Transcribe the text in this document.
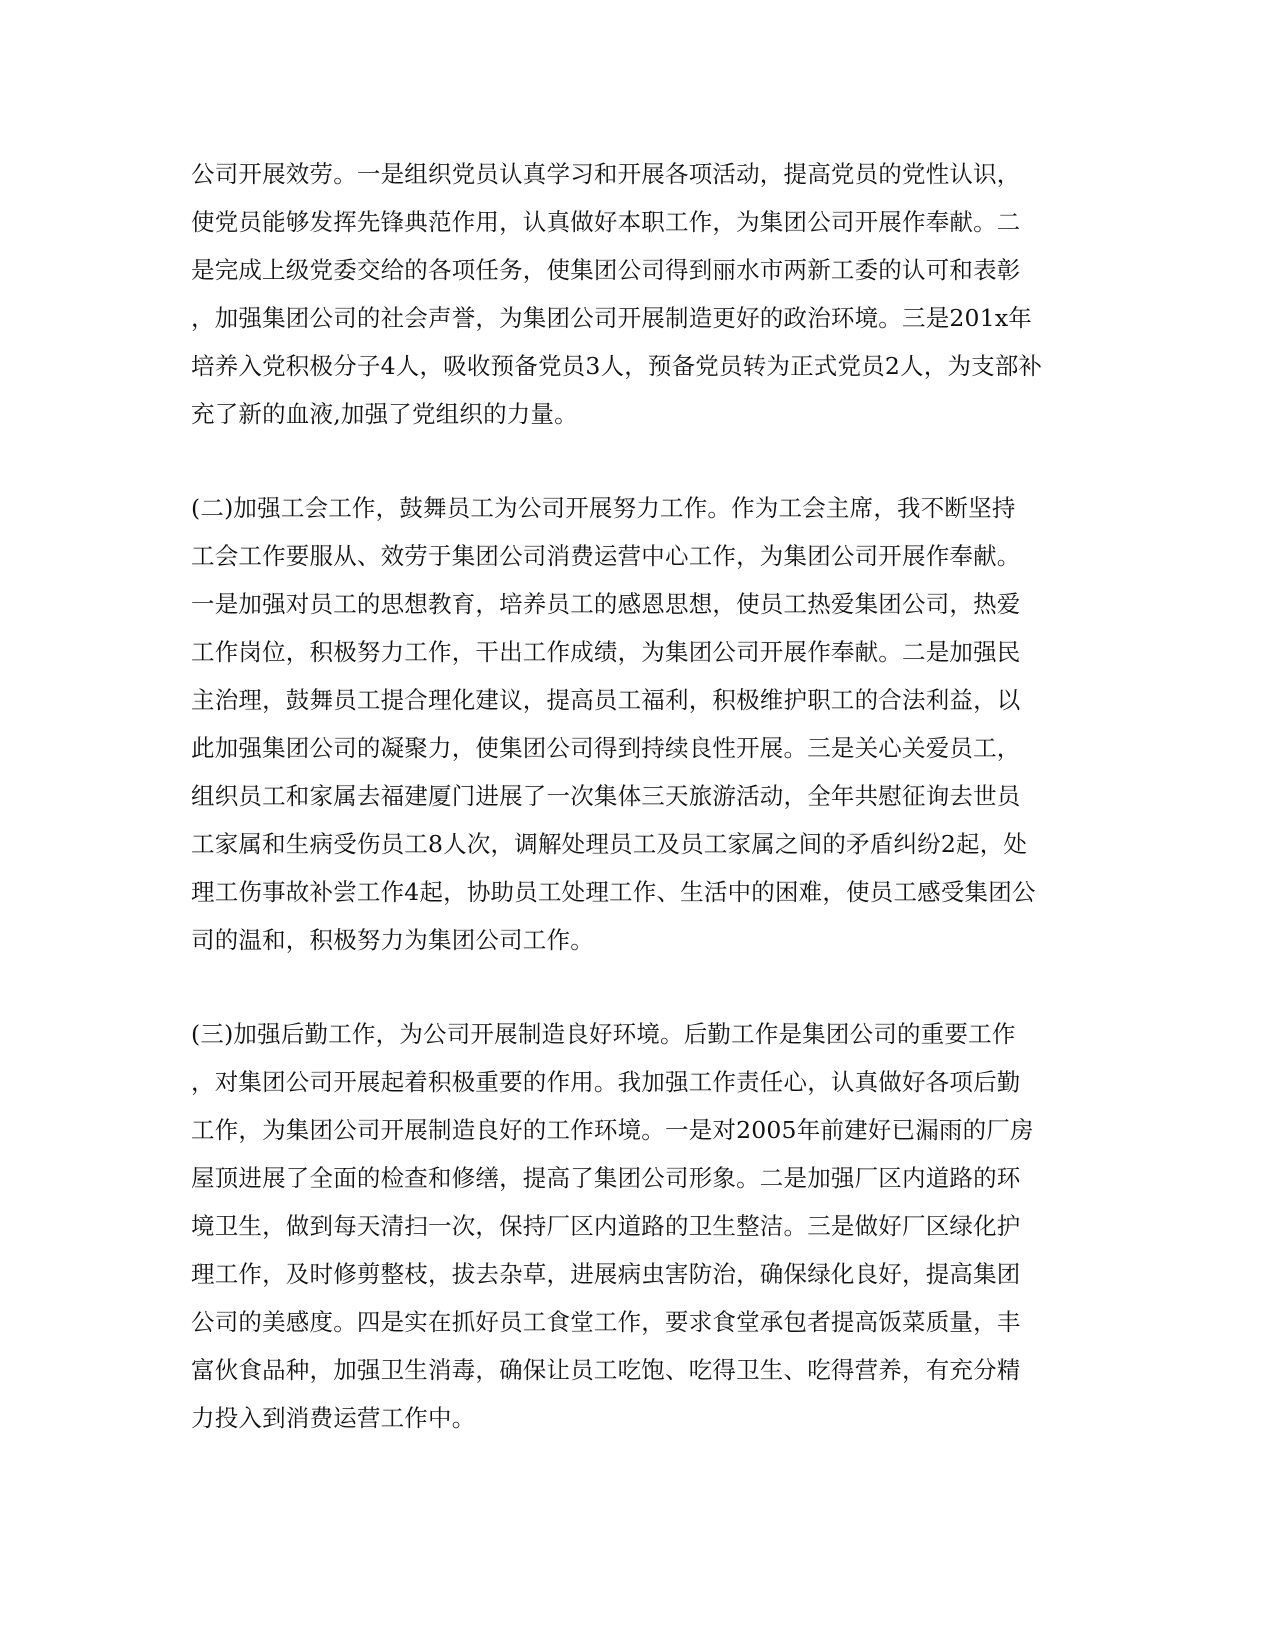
公司开展效劳。一是组织党员认真学习和开展各项活动，提高党员的党性认识，
使党员能够发挥先锋典范作用，认真做好本职工作，为集团公司开展作奉献。二
是完成上级党委交给的各项任务，使集团公司得到丽水市两新工委的认可和表彰
，加强集团公司的社会声誉，为集团公司开展制造更好的政治环境。三是201x年
培养入党积极分子4人，吸收预备党员3人，预备党员转为正式党员2人，为支部补
充了新的血液,加强了党组织的力量。
(二)加强工会工作，鼓舞员工为公司开展努力工作。作为工会主席，我不断坚持
工会工作要服从、效劳于集团公司消费运营中心工作，为集团公司开展作奉献。
一是加强对员工的思想教育，培养员工的感恩思想，使员工热爱集团公司，热爱
工作岗位，积极努力工作，干出工作成绩，为集团公司开展作奉献。二是加强民
主治理，鼓舞员工提合理化建议，提高员工福利，积极维护职工的合法利益，以
此加强集团公司的凝聚力，使集团公司得到持续良性开展。三是关心关爱员工，
组织员工和家属去福建厦门进展了一次集体三天旅游活动，全年共慰征询去世员
工家属和生病受伤员工8人次，调解处理员工及员工家属之间的矛盾纠纷2起，处
理工伤事故补尝工作4起，协助员工处理工作、生活中的困难，使员工感受集团公
司的温和，积极努力为集团公司工作。
(三)加强后勤工作，为公司开展制造良好环境。后勤工作是集团公司的重要工作
，对集团公司开展起着积极重要的作用。我加强工作责任心，认真做好各项后勤
工作，为集团公司开展制造良好的工作环境。一是对2005年前建好已漏雨的厂房
屋顶进展了全面的检查和修缮，提高了集团公司形象。二是加强厂区内道路的环
境卫生，做到每天清扫一次，保持厂区内道路的卫生整洁。三是做好厂区绿化护
理工作，及时修剪整枝，拔去杂草，进展病虫害防治，确保绿化良好，提高集团
公司的美感度。四是实在抓好员工食堂工作，要求食堂承包者提高饭菜质量，丰
富伙食品种，加强卫生消毒，确保让员工吃饱、吃得卫生、吃得营养，有充分精
力投入到消费运营工作中。
